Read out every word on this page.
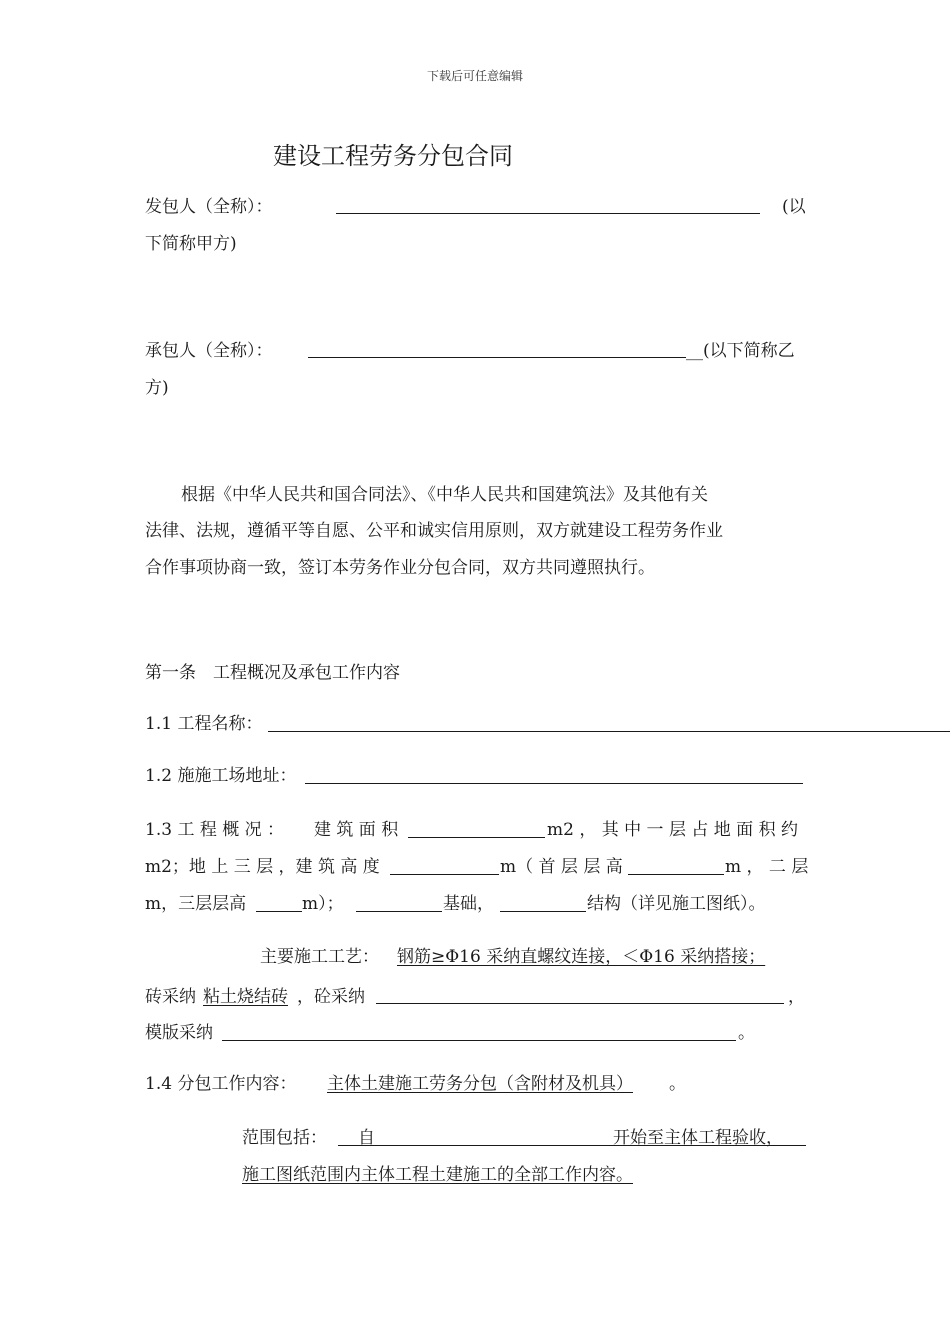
下载后可任意编辑
建设工程劳务分包合同
发包人（全称）：	(以
下简称甲方)
承包人（全称）：	__(以下简称乙
方)
根据《中华人民共和国合同法》、《中华人民共和国建筑法》及其他有关
法律、法规，遵循平等自愿、公平和诚实信用原则，双方就建设工程劳务作业
合作事项协商一致，签订本劳务作业分包合同，双方共同遵照执行。
第一条　工程概况及承包工作内容
1.1 工程名称：
1.2 施施工场地址：
1.3 工 程 概 况 ： 建 筑 面 积	m2 ， 其 中 一 层 占 地 面 积 约
m2；地 上 三 层 ，建 筑 高 度	m（ 首 层 层 高	m ， 二 层
m，三层层高	m）；	基础，	结构（详见施工图纸）。
主要施工工艺： 钢筋≥Φ16 采纳直螺纹连接，＜Φ16 采纳搭接；
砖采纳 粘土烧结砖 ，砼采纳	，
模版采纳	。
1.4 分包工作内容： 主体土建施工劳务分包（含附材及机具） 。
范围包括： 自	开始至主体工程验收，
施工图纸范围内主体工程土建施工的全部工作内容。
